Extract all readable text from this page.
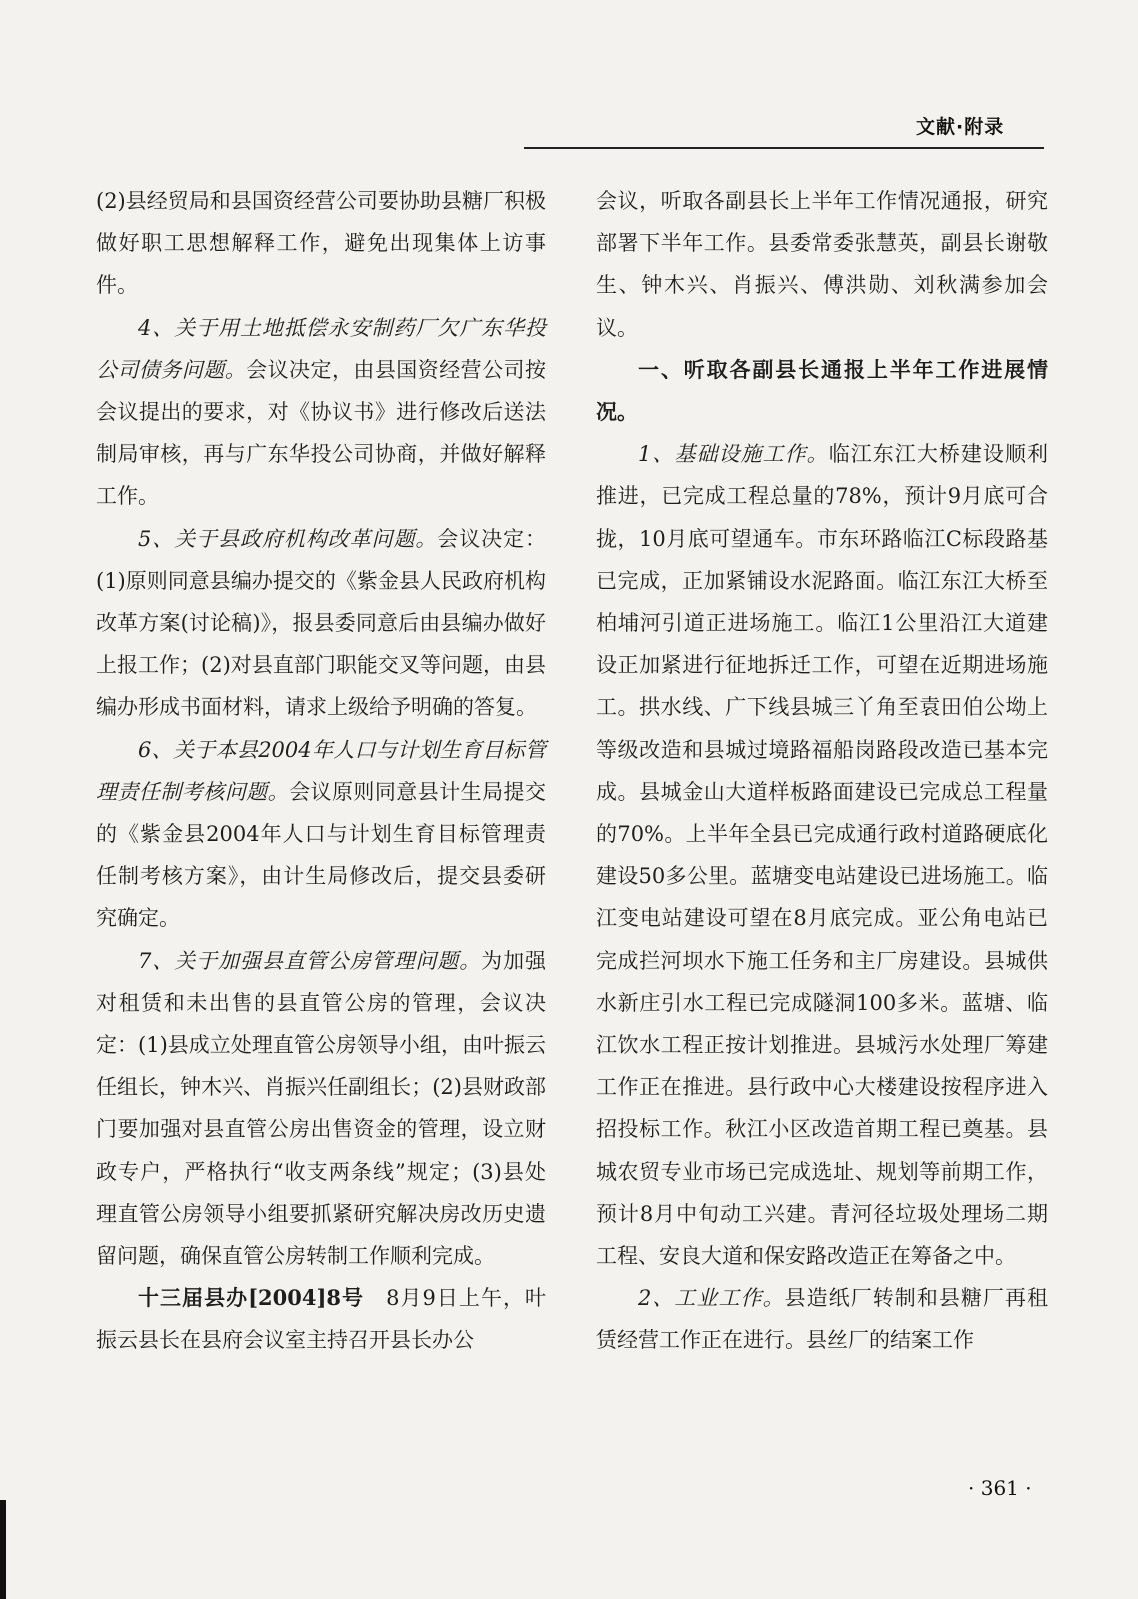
文献·附录

(2)县经贸局和县国资经营公司要协助县糖厂积极做好职工思想解释工作，避免出现集体上访事件。

4、关于用土地抵偿永安制药厂欠广东华投公司债务问题。会议决定，由县国资经营公司按会议提出的要求，对《协议书》进行修改后送法制局审核，再与广东华投公司协商，并做好解释工作。

5、关于县政府机构改革问题。会议决定：(1)原则同意县编办提交的《紫金县人民政府机构改革方案(讨论稿)》，报县委同意后由县编办做好上报工作；(2)对县直部门职能交叉等问题，由县编办形成书面材料，请求上级给予明确的答复。

6、关于本县2004年人口与计划生育目标管理责任制考核问题。会议原则同意县计生局提交的《紫金县2004年人口与计划生育目标管理责任制考核方案》，由计生局修改后，提交县委研究确定。

7、关于加强县直管公房管理问题。为加强对租赁和未出售的县直管公房的管理，会议决定：(1)县成立处理直管公房领导小组，由叶振云任组长，钟木兴、肖振兴任副组长；(2)县财政部门要加强对县直管公房出售资金的管理，设立财政专户，严格执行“收支两条线”规定；(3)县处理直管公房领导小组要抓紧研究解决房改历史遗留问题，确保直管公房转制工作顺利完成。

十三届县办[2004]8号　8月9日上午，叶振云县长在县府会议室主持召开县长办公

会议，听取各副县长上半年工作情况通报，研究部署下半年工作。县委常委张慧英，副县长谢敬生、钟木兴、肖振兴、傅洪勋、刘秋满参加会议。

一、听取各副县长通报上半年工作进展情况。

1、基础设施工作。临江东江大桥建设顺利推进，已完成工程总量的78%，预计9月底可合拢，10月底可望通车。市东环路临江C标段路基已完成，正加紧铺设水泥路面。临江东江大桥至柏埔河引道正进场施工。临江1公里沿江大道建设正加紧进行征地拆迁工作，可望在近期进场施工。拱水线、广下线县城三丫角至袁田伯公坳上等级改造和县城过境路福船岗路段改造已基本完成。县城金山大道样板路面建设已完成总工程量的70%。上半年全县已完成通行政村道路硬底化建设50多公里。蓝塘变电站建设已进场施工。临江变电站建设可望在8月底完成。亚公角电站已完成拦河坝水下施工任务和主厂房建设。县城供水新庄引水工程已完成隧洞100多米。蓝塘、临江饮水工程正按计划推进。县城污水处理厂筹建工作正在推进。县行政中心大楼建设按程序进入招投标工作。秋江小区改造首期工程已奠基。县城农贸专业市场已完成选址、规划等前期工作，预计8月中旬动工兴建。青河径垃圾处理场二期工程、安良大道和保安路改造正在筹备之中。

2、工业工作。县造纸厂转制和县糖厂再租赁经营工作正在进行。县丝厂的结案工作

· 361 ·
